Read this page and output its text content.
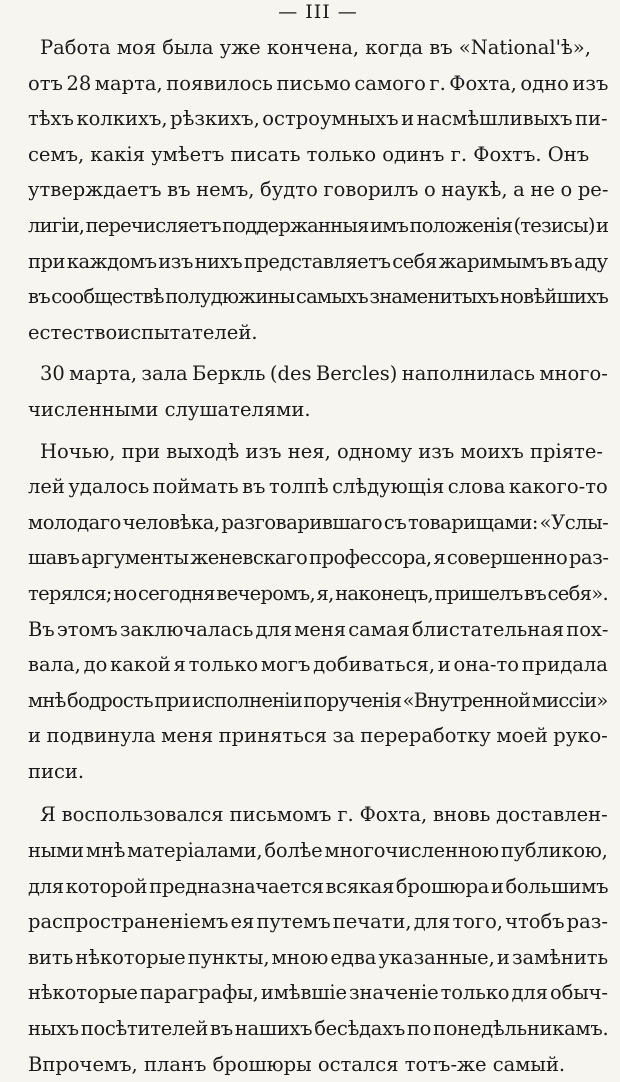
— III —
Работа моя была уже кончена, когда въ «National'ѣ»,
отъ 28 марта, появилось письмо самого г. Фохта, одно изъ
тѣхъ колкихъ, рѣзкихъ, остроумныхъ и насмѣшливыхъ пи-
семъ, какія умѣетъ писать только одинъ г. Фохтъ. Онъ
утверждаетъ въ немъ, будто говорилъ о наукѣ, а не о ре-
лигіи, перечисляетъ поддержанныя имъ положенія (тезисы) и
при каждомъ изъ нихъ представляетъ себя жаримымъ въ аду
въ сообществѣ полудюжины самыхъ знаменитыхъ новѣйшихъ
естествоиспытателей.
30 марта, зала Беркль (des Bercles) наполнилась много-
численными слушателями.
Ночью, при выходѣ изъ нея, одному изъ моихъ пріяте-
лей удалось поймать въ толпѣ слѣдующія слова какого-то
молодаго человѣка, разговарившаго съ товарищами: «Услы-
шавъ аргументы женевскаго профессора, я совершенно раз-
терялся; но сегодня вечеромъ, я, наконецъ, пришелъ въ себя».
Въ этомъ заключалась для меня самая блистательная пох-
вала, до какой я только могъ добиваться, и она-то придала
мнѣ бодрость при исполненіи порученія «Внутренной миссіи»
и подвинула меня приняться за переработку моей руко-
писи.
Я воспользовался письмомъ г. Фохта, вновь доставлен-
ными мнѣ матеріалами, болѣе многочисленною публикою,
для которой предназначается всякая брошюра и большимъ
распространеніемъ ея путемъ печати, для того, чтобъ раз-
вить нѣкоторые пункты, мною едва указанные, и замѣнить
нѣкоторые параграфы, имѣвшіе значеніе только для обыч-
ныхъ посѣтителей въ нашихъ бесѣдахъ по понедѣльникамъ.
Впрочемъ, планъ брошюры остался тотъ-же самый.
